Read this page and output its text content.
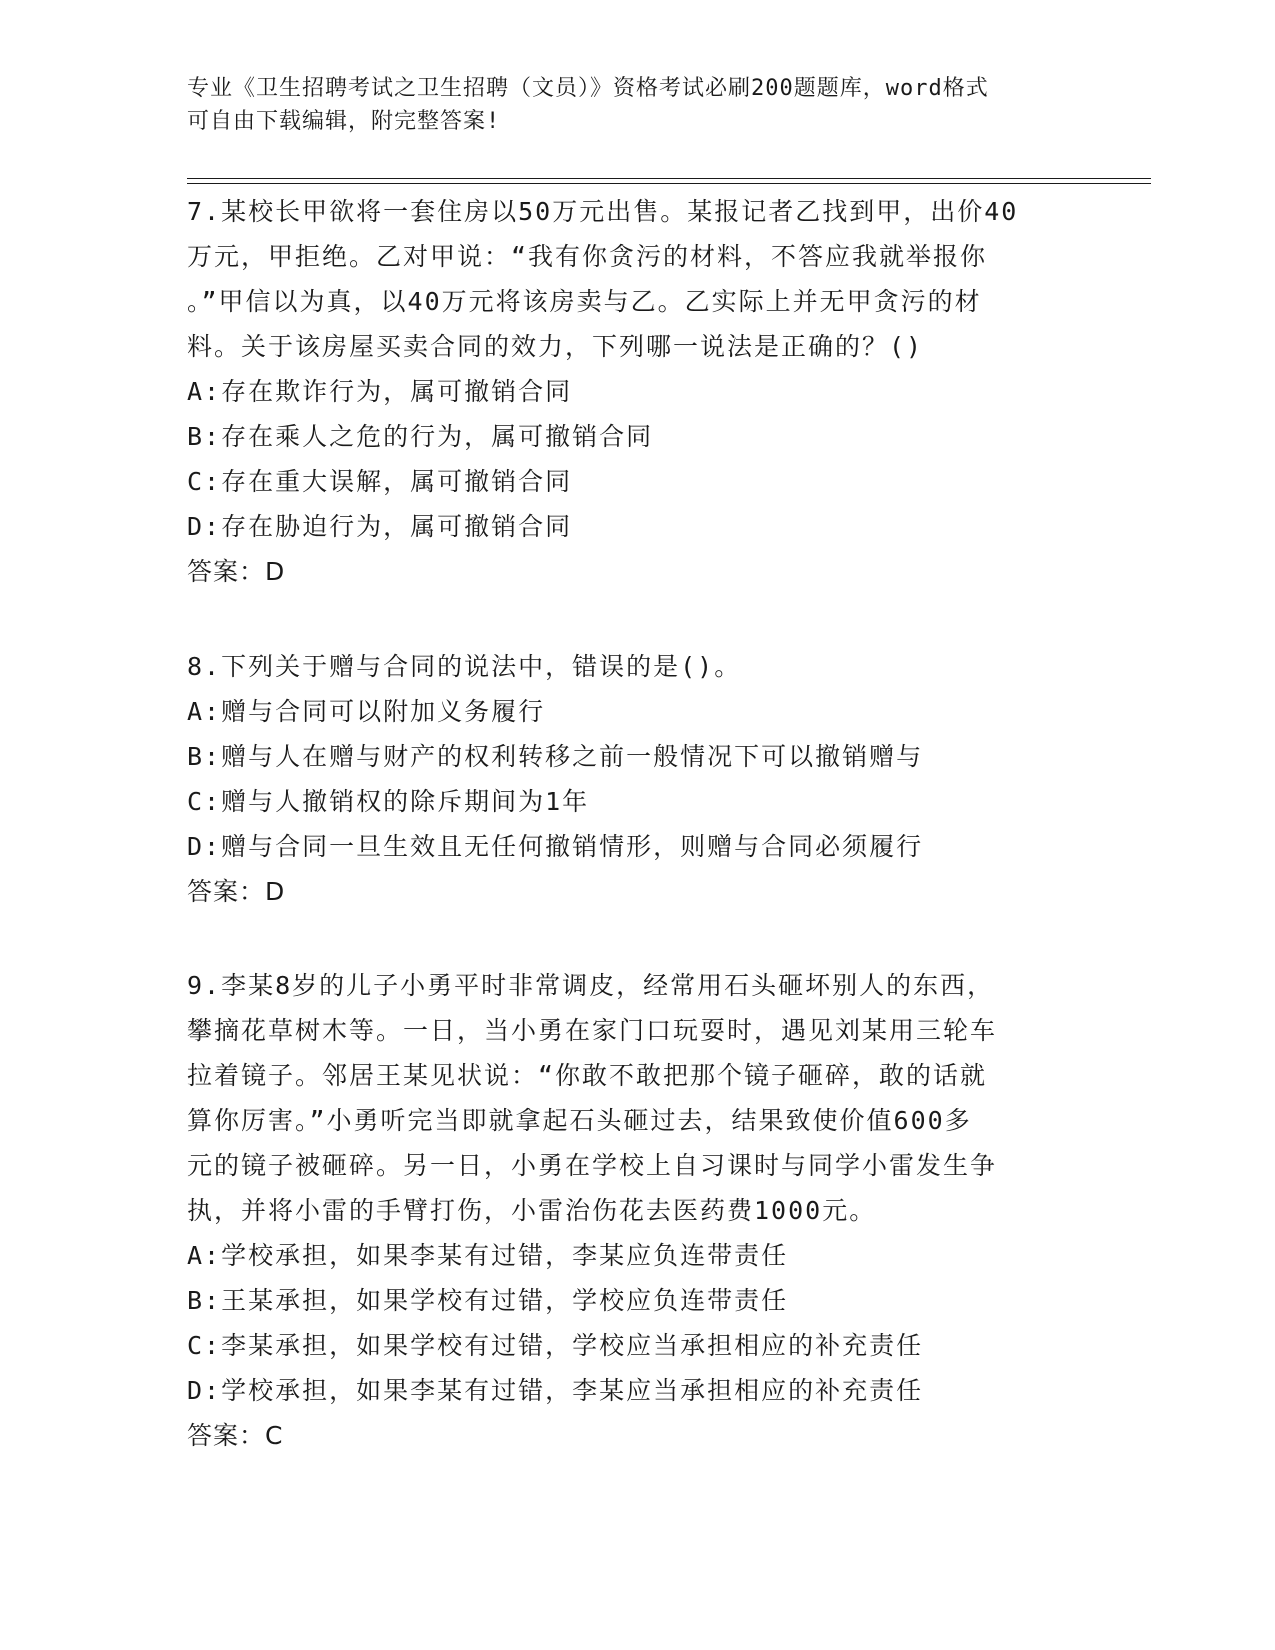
专业《卫生招聘考试之卫生招聘（文员）》资格考试必刷200题题库，word格式
可自由下载编辑，附完整答案!
7.某校长甲欲将一套住房以50万元出售。某报记者乙找到甲，出价40
万元，甲拒绝。乙对甲说：“我有你贪污的材料，不答应我就举报你
。”甲信以为真，以40万元将该房卖与乙。乙实际上并无甲贪污的材
料。关于该房屋买卖合同的效力，下列哪一说法是正确的？()
A:存在欺诈行为，属可撤销合同
B:存在乘人之危的行为，属可撤销合同
C:存在重大误解，属可撤销合同
D:存在胁迫行为，属可撤销合同
答案：D
8.下列关于赠与合同的说法中，错误的是()。
A:赠与合同可以附加义务履行
B:赠与人在赠与财产的权利转移之前一般情况下可以撤销赠与
C:赠与人撤销权的除斥期间为1年
D:赠与合同一旦生效且无任何撤销情形，则赠与合同必须履行
答案：D
9.李某8岁的儿子小勇平时非常调皮，经常用石头砸坏别人的东西，
攀摘花草树木等。一日，当小勇在家门口玩耍时，遇见刘某用三轮车
拉着镜子。邻居王某见状说：“你敢不敢把那个镜子砸碎，敢的话就
算你厉害。”小勇听完当即就拿起石头砸过去，结果致使价值600多
元的镜子被砸碎。另一日，小勇在学校上自习课时与同学小雷发生争
执，并将小雷的手臂打伤，小雷治伤花去医药费1000元。
A:学校承担，如果李某有过错，李某应负连带责任
B:王某承担，如果学校有过错，学校应负连带责任
C:李某承担，如果学校有过错，学校应当承担相应的补充责任
D:学校承担，如果李某有过错，李某应当承担相应的补充责任
答案：C
